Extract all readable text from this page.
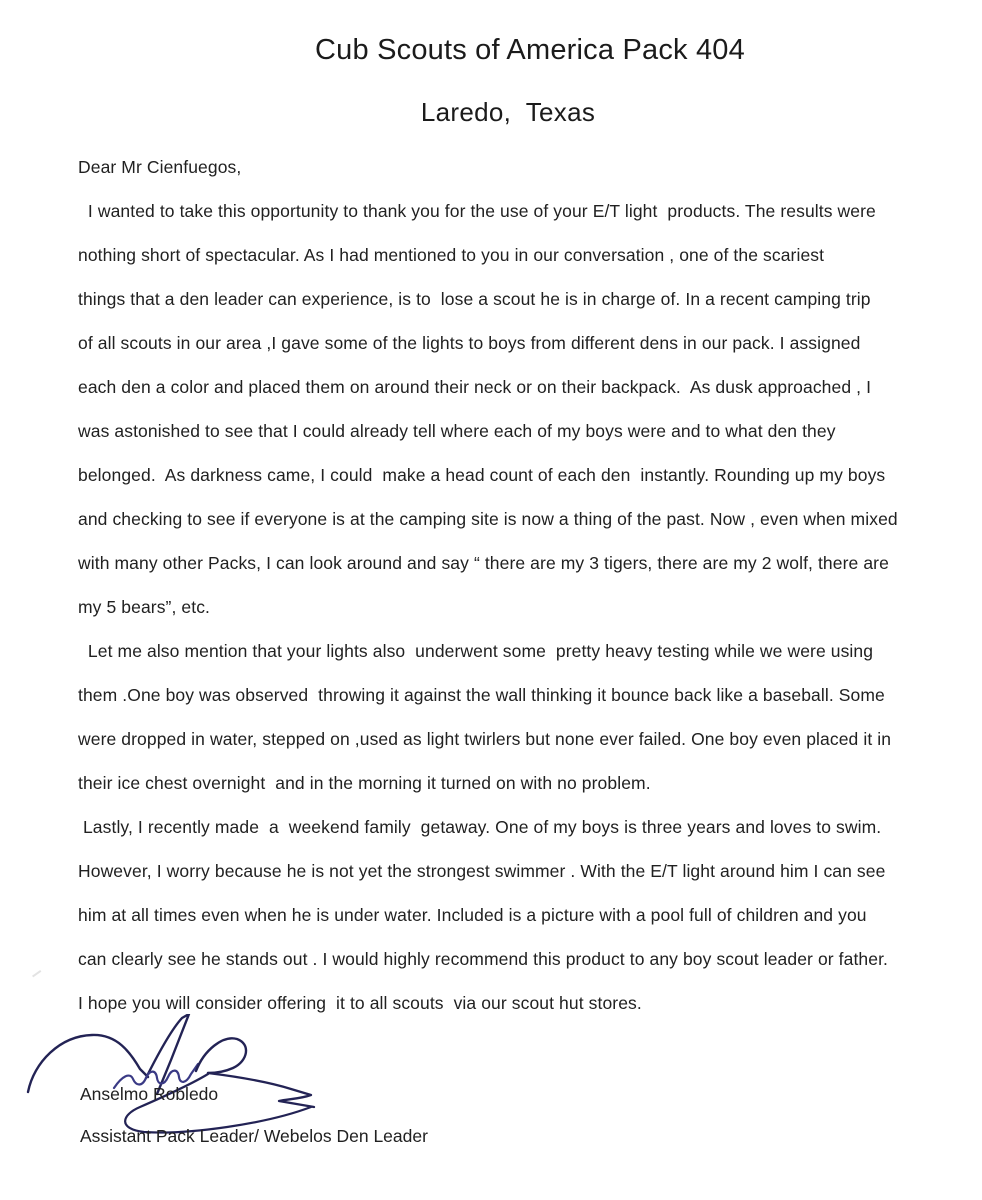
Cub Scouts of America Pack 404
Laredo,  Texas
Dear Mr Cienfuegos,
I wanted to take this opportunity to thank you for the use of your E/T light  products. The results were
nothing short of spectacular. As I had mentioned to you in our conversation , one of the scariest
things that a den leader can experience, is to  lose a scout he is in charge of. In a recent camping trip
of all scouts in our area ,I gave some of the lights to boys from different dens in our pack. I assigned
each den a color and placed them on around their neck or on their backpack.  As dusk approached , I
was astonished to see that I could already tell where each of my boys were and to what den they
belonged.  As darkness came, I could  make a head count of each den  instantly. Rounding up my boys
and checking to see if everyone is at the camping site is now a thing of the past. Now , even when mixed
with many other Packs, I can look around and say “ there are my 3 tigers, there are my 2 wolf, there are
my 5 bears”, etc.
Let me also mention that your lights also  underwent some  pretty heavy testing while we were using
them .One boy was observed  throwing it against the wall thinking it bounce back like a baseball. Some
were dropped in water, stepped on ,used as light twirlers but none ever failed. One boy even placed it in
their ice chest overnight  and in the morning it turned on with no problem.
Lastly, I recently made  a  weekend family  getaway. One of my boys is three years and loves to swim.
However, I worry because he is not yet the strongest swimmer . With the E/T light around him I can see
him at all times even when he is under water. Included is a picture with a pool full of children and you
can clearly see he stands out . I would highly recommend this product to any boy scout leader or father.
I hope you will consider offering  it to all scouts  via our scout hut stores.
Anselmo Robledo
Assistant Pack Leader/ Webelos Den Leader
